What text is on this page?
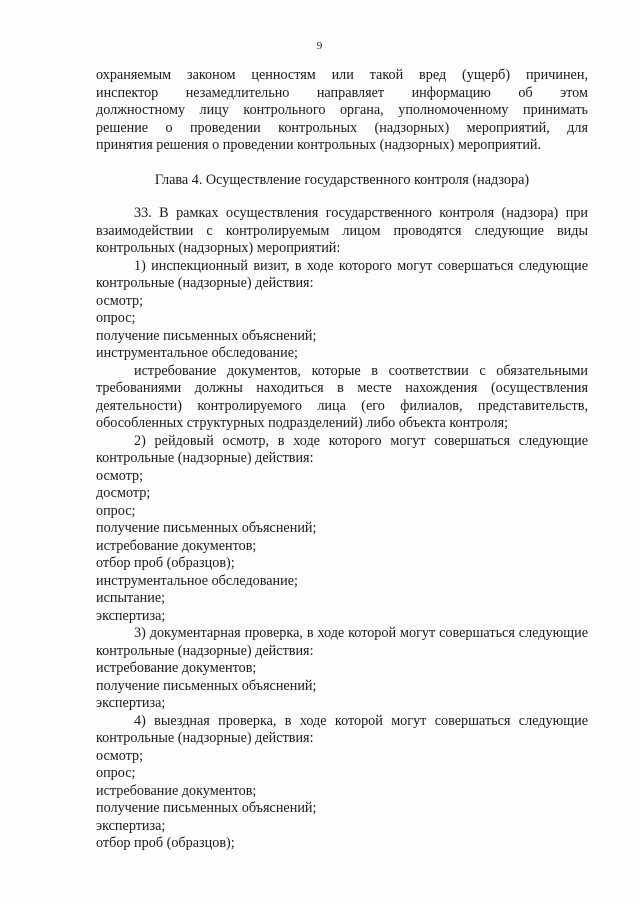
9

охраняемым законом ценностям или такой вред (ущерб) причинен,

инспектор незамедлительно направляет информацию об этом

должностному лицу контрольного органа, уполномоченному принимать

решение о проведении контрольных (надзорных) мероприятий, для

принятия решения о проведении контрольных (надзорных) мероприятий.

Глава 4. Осуществление государственного контроля (надзора)

33. В рамках осуществления государственного контроля (надзора) при взаимодействии с контролируемым лицом проводятся следующие виды контрольных (надзорных) мероприятий:

1) инспекционный визит, в ходе которого могут совершаться следующие контрольные (надзорные) действия:

осмотр;

опрос;

получение письменных объяснений;

инструментальное обследование;

истребование документов, которые в соответствии с обязательными требованиями должны находиться в месте нахождения (осуществления деятельности) контролируемого лица (его филиалов, представительств, обособленных структурных подразделений) либо объекта контроля;

2) рейдовый осмотр, в ходе которого могут совершаться следующие контрольные (надзорные) действия:

осмотр;

досмотр;

опрос;

получение письменных объяснений;

истребование документов;

отбор проб (образцов);

инструментальное обследование;

испытание;

экспертиза;

3) документарная проверка, в ходе которой могут совершаться следующие контрольные (надзорные) действия:

истребование документов;

получение письменных объяснений;

экспертиза;

4) выездная проверка, в ходе которой могут совершаться следующие контрольные (надзорные) действия:

осмотр;

опрос;

истребование документов;

получение письменных объяснений;

экспертиза;

отбор проб (образцов);
